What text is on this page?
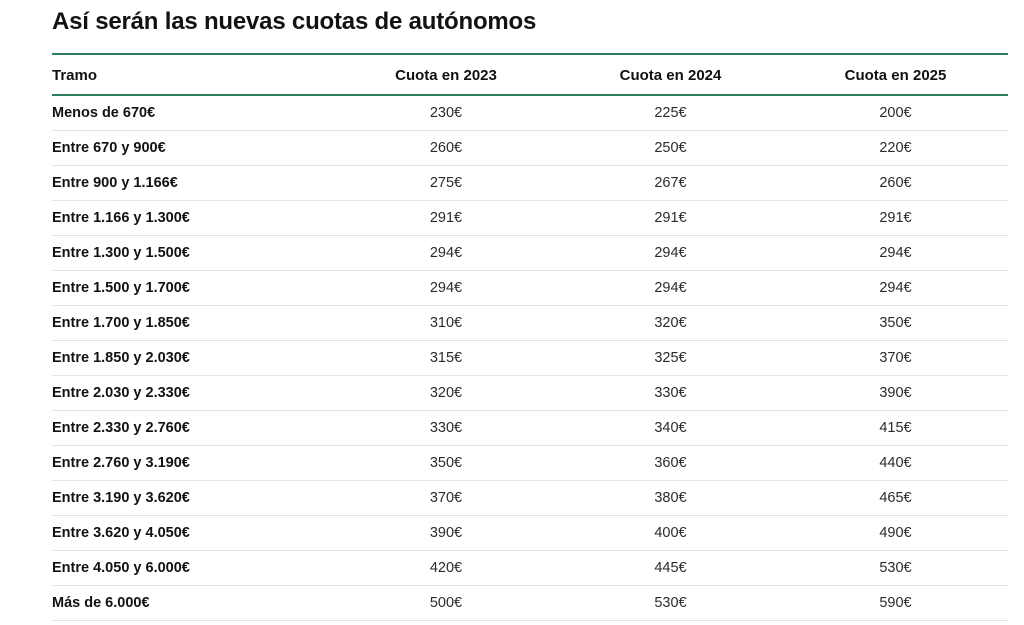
Así serán las nuevas cuotas de autónomos
Tramo	Cuota en 2023	Cuota en 2024	Cuota en 2025
Menos de 670€	230€	225€	200€
Entre 670 y 900€	260€	250€	220€
Entre 900 y 1.166€	275€	267€	260€
Entre 1.166 y 1.300€	291€	291€	291€
Entre 1.300 y 1.500€	294€	294€	294€
Entre 1.500 y 1.700€	294€	294€	294€
Entre 1.700 y 1.850€	310€	320€	350€
Entre 1.850 y 2.030€	315€	325€	370€
Entre 2.030 y 2.330€	320€	330€	390€
Entre 2.330 y 2.760€	330€	340€	415€
Entre 2.760 y 3.190€	350€	360€	440€
Entre 3.190 y 3.620€	370€	380€	465€
Entre 3.620 y 4.050€	390€	400€	490€
Entre 4.050 y 6.000€	420€	445€	530€
Más de 6.000€	500€	530€	590€
